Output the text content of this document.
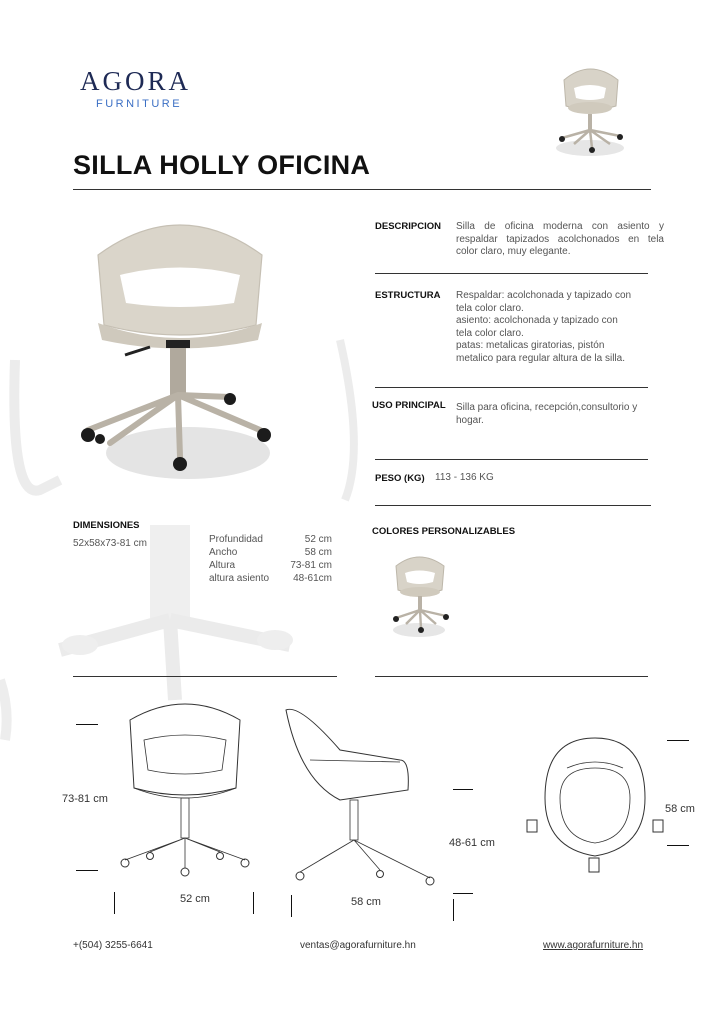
AGORA
FURNITURE
SILLA HOLLY OFICINA
DESCRIPCION Silla de oficina moderna con asiento y respaldar tapizados acolchonados en tela color claro, muy elegante.
ESTRUCTURA Respaldar: acolchonada y tapizado con
tela color claro.
asiento: acolchonada y tapizado con
tela color claro.
patas: metalicas giratorias, pistón
metalico para regular altura de la silla.
USO PRINCIPAL Silla para oficina, recepción,consultorio y hogar.
PESO (KG) 113 - 136 KG
DIMENSIONES
52x58x73-81 cm	Profundidad	52 cm
Ancho	58 cm
Altura	73-81 cm
altura asiento 48-61cm
COLORES PERSONALIZABLES
73-81 cm
52 cm	58 cm
48-61 cm
58 cm
+(504) 3255-6641	ventas@agorafurniture.hn	www.agorafurniture.hn
